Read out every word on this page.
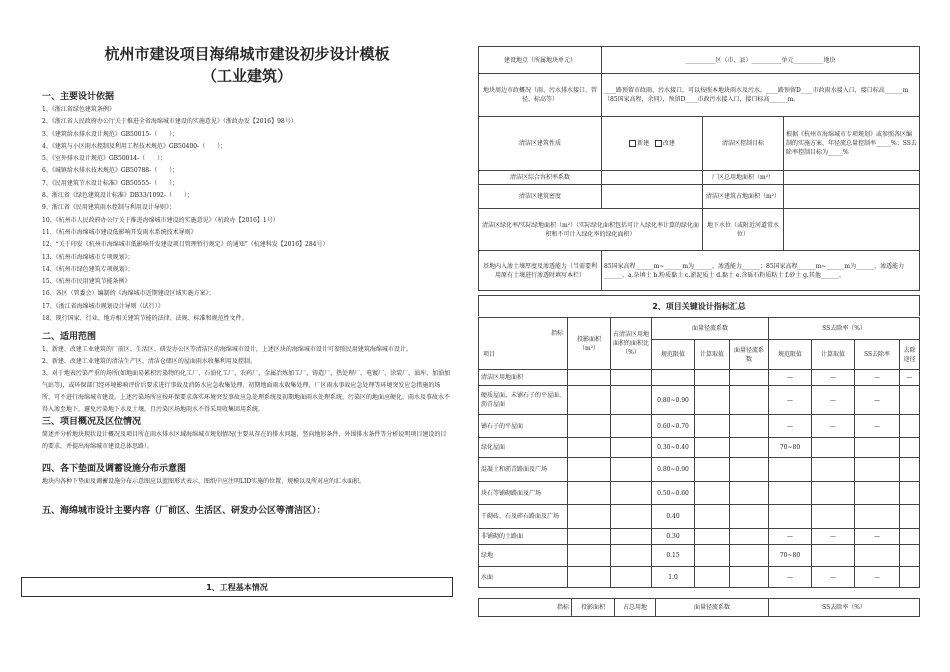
杭州市建设项目海绵城市建设初步设计模板

（工业建筑）

一、主要设计依据

1、《浙江省绿色建筑条例》

2、《浙江省人民政府办公厅关于推进全省海绵城市建设的实施意见》（浙政办发【2016】98号）

3、《建筑给水排水设计规范》GB50015-（　　）；

4、《建筑与小区雨水控制及利用工程技术规范》GB50400-（　　）；

5、《室外排水设计规范》GB50014-（　　）；

6、《城镇给水排水技术规范》GB50788-（　　）；

7、《民用建筑节水设计标准》GB50555-（　　）；

8、浙江省《绿色建筑设计标准》DB33/1092-（　　）；

9、浙江省《民用建筑雨水控制与利用设计导则》；

10、《杭州市人民政府办公厅关于推进海绵城市建设的实施意见》（杭政办【2016】1号）

11、《杭州市海绵城市建设低影响开发雨水系统技术导则》

12、“关于印发《杭州市海绵城市低影响开发建设项目管理暂行规定》的通知”（杭建科发【2016】284号）

13、《杭州市海绵城市专项规划》；

14、《杭州市绿色建筑专项规划》；

15、《杭州市民用建筑节能条例》

16、各区（管委会）编制的《海绵城市近期建设区域实施方案》；

17、《浙江省海绵城市规划设计导则（试行）》

18、现行国家、行业、地方相关建筑节能的法律、法规、标准和规范性文件。

二、适用范围

1、新建、改建工业建筑的厂前区、生活区、研发办公区等清洁区的海绵城市设计，上述区块的海绵城市设计可参照民用建筑海绵城市设计。

2、新建、改建工业建筑的清洁生产区、清洁仓储区的屋面雨水收集利用及控制。

3、对于地表污染严重的场所(如地面易累积污染物的化工厂、石油化工厂、农药厂、金属冶炼加工厂、铸造厂、热处理厂、电镀厂、涂装厂、油库、加油加气站等)，或环保部门经环境影响评价后要求进行事故及消防水应急收集处理、初期地面雨水收集处理、厂区雨水事故应急处理等环境突发应急措施的场所，可不进行海绵城市建设。上述污染场所应按环保要求落实环境突发事故应急处理系统及初期地面雨水处理系统，污染区的地面应硬化，雨水及事故水不得入渗至地下，避免污染地下水及土壤，且污染区场地雨水不得采用收集回用系统。

三、项目概况及区位情况

简述并分析地块现状设计概况及项目所在雨水排水区域海绵城市规划情况(主要从存在的排水问题、竖向地形条件、外围排水条件等分析说明项目建设的目的要求，并提出海绵城市建设总体思路）。

四、各下垫面及调蓄设施分布示意图

地块内各种下垫面及调蓄设施分布示意图应以蓝图形式表示，图纸中应注明LID实施的位置、规模以及所对应的汇水面积。

五、海绵城市设计主要内容（厂前区、生活区、研发办公区等清洁区）：

1、工程基本情况
建设地点（所属地块单元）	__________区（市、县）__________单元__________地块		
地块周边市政概况（雨、污水排水接口、管径、标高等）	____路预留市政雨、污水接口，可以按照本地块雨水及污水。____路预留D____市政雨水接入口，接口标高______m（85国家高程，余同），预留D____市政污水接入口，接口标高______m。		
清洁区建筑性质	新建 改建	清洁区控制目标	根据《杭州市海绵城市专项规划》或参照各区编制的实施方案，年径流总量控制率_____%；SS去除率控制目标为_____%
清洁区综合容积率系数		厂区总用地面积（m²）	
清洁区建筑密度		清洁区建筑占地面积（m²）	
清洁区绿化率/实际绿地面积（m²）（实际绿化面积包括可计入绿化率计算的绿化面积和不可计入绿化率的绿化面积）		地下水位（或附近河道常水位）	
基地内入渗土壤厚度及渗透能力（当需要利用原有土壤进行渗透时填写本栏）	85国家高程______m~______m为______，渗透能力______；85国家高程______m~______m为______，渗透能力______。a.杂填土 b.粉质黏土 c.淤泥质土 d.黏土 e.含砾石粉质粘土 f.砂土 g.其他______。		
2、项目关键设计指标汇总
指标
项目	投影面积（m²）	占清洁区用地面积的面积比（%）	面量径流系数			SS去除率（%）			
			规范限值	计算取值	面量径流系数	规范限值	计算取值	SS去除率	去除途径
清洁区用地面积						—	—	—	—
硬质屋面、未铺石子的平屋面、沥青屋面			0.80~0.90			—	—	—	
铺石子的平屋面			0.60~0.70			—	—	—	
绿化屋面			0.30~0.40			70~80			
混凝土和沥青路面及广场			0.80~0.90						
块石等铺砌路面及广场			0.50~0.60						
干砌砖、石及碎石路面及广场			0.40						
非铺砌的土路面			0.30			—	—	—	
绿地			0.15			70~80			
水面			1.0			—	—	—	
指标	投影面积	占总用地	面量径流系数	SS去除率（%）
